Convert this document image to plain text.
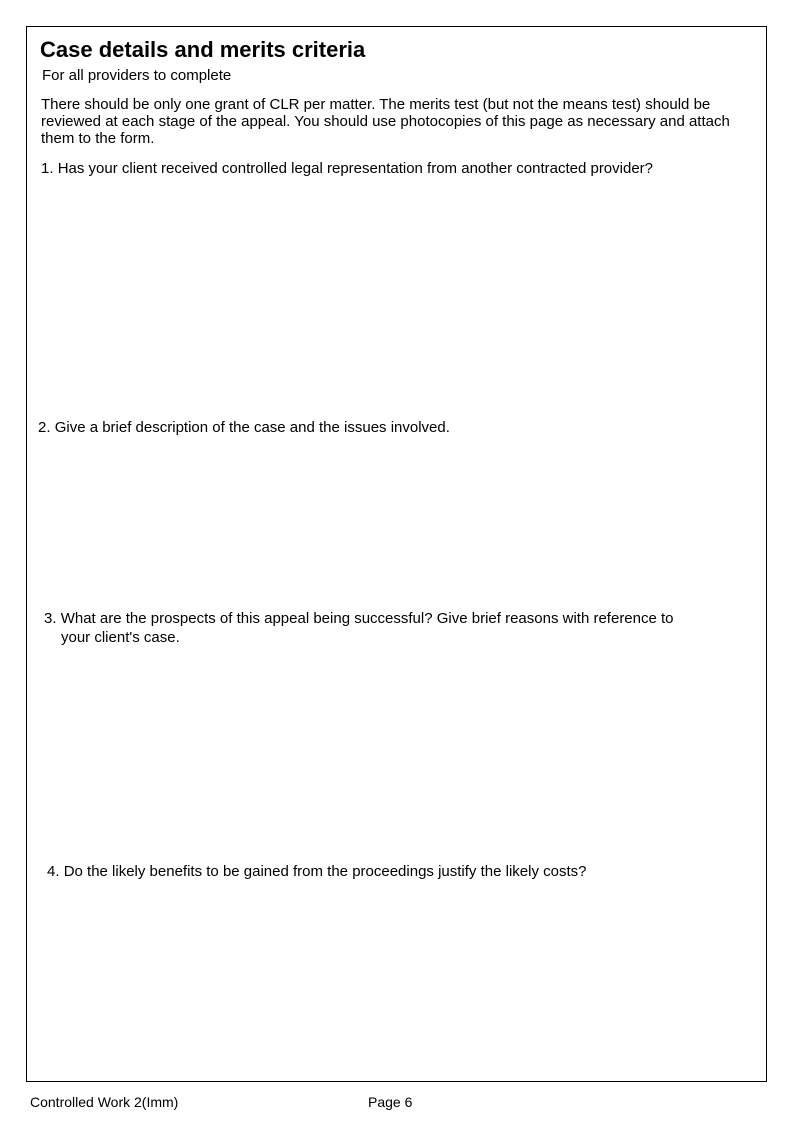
Case details and merits criteria
For all providers to complete
There should be only one grant of CLR per matter. The merits test (but not the means test) should be reviewed at each stage of the appeal. You should use photocopies of this page as necessary and attach them to the form.
1. Has your client received controlled legal representation from another contracted provider?
2. Give a brief description of the case and the issues involved.
3. What are the prospects of this appeal being successful? Give brief reasons with reference to
your client's case.
4. Do the likely benefits to be gained from the proceedings justify the likely costs?
Controlled Work 2(Imm)	Page 6
